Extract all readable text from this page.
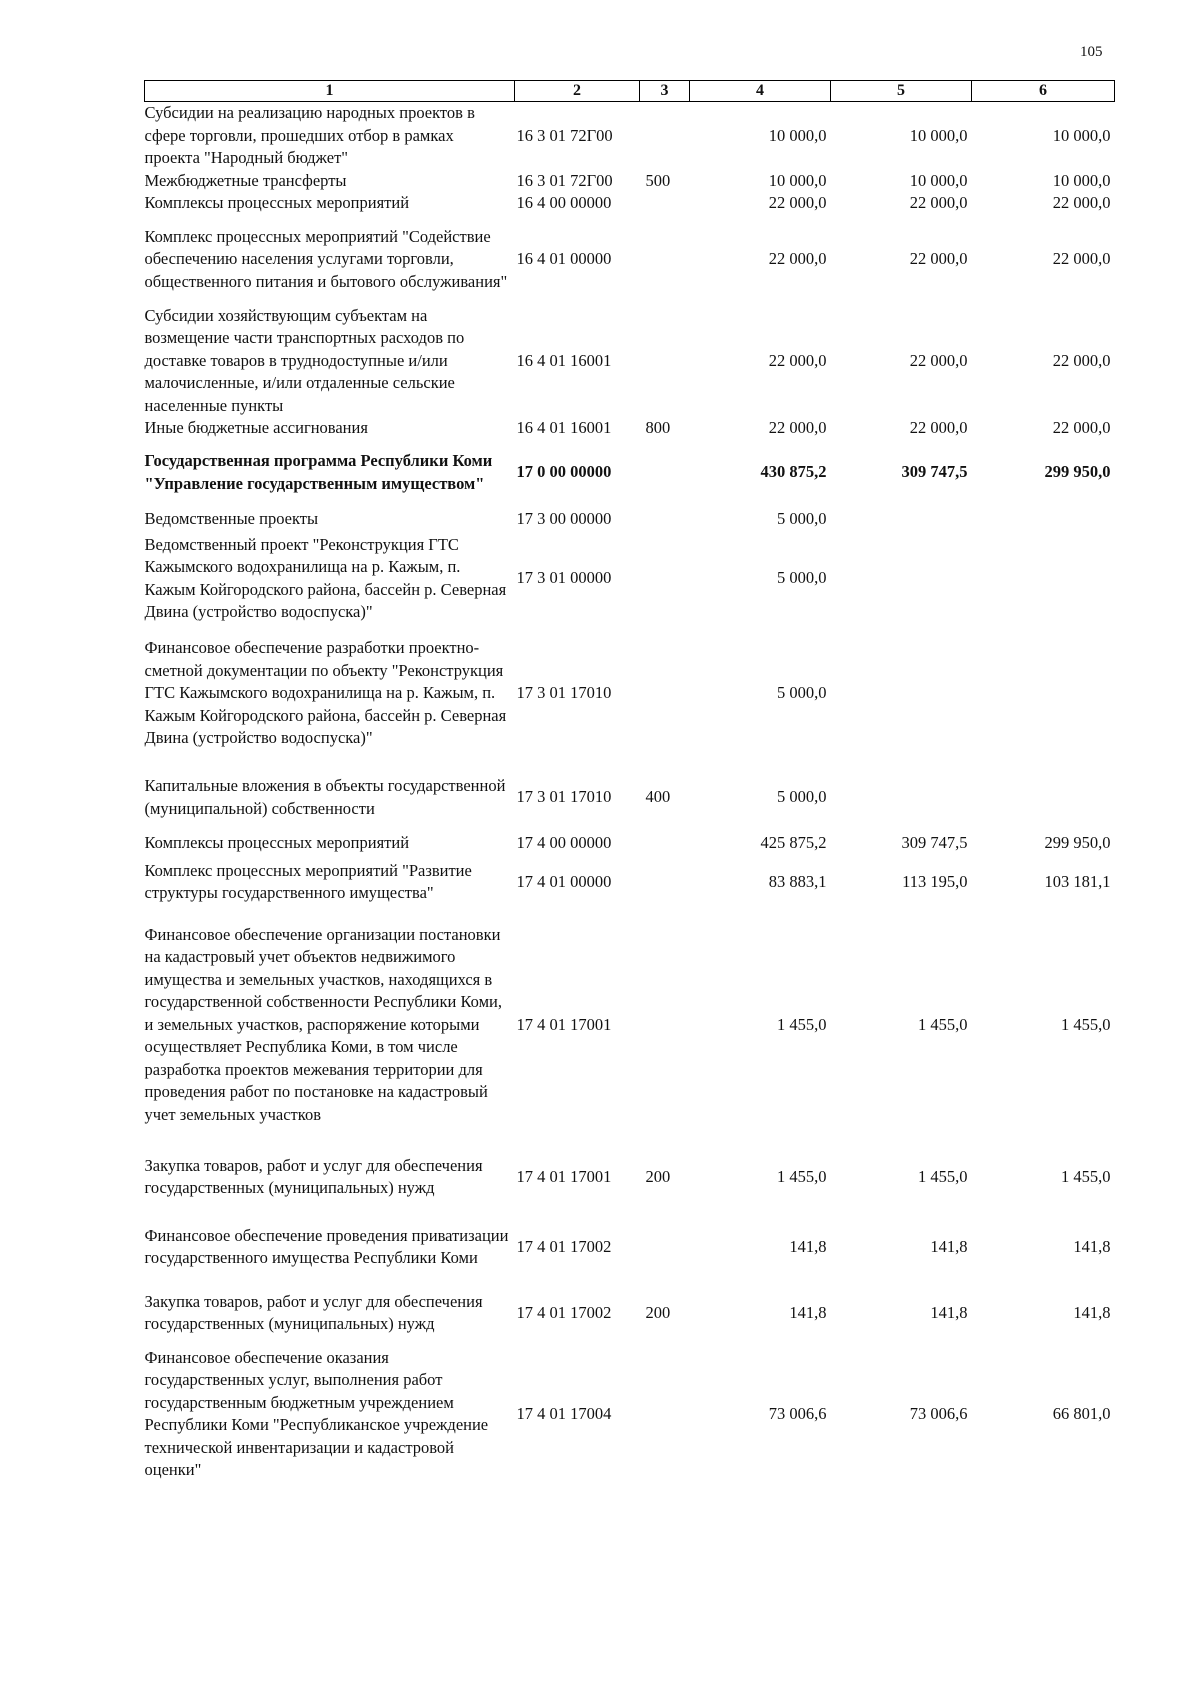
105
1	2	3	4	5	6
Субсидии на реализацию народных проектов в сфере торговли, прошедших отбор в рамках проекта "Народный бюджет"	16 3 01 72Г00		10 000,0	10 000,0	10 000,0
Межбюджетные трансферты	16 3 01 72Г00	500	10 000,0	10 000,0	10 000,0
Комплексы процессных мероприятий	16 4 00 00000		22 000,0	22 000,0	22 000,0
Комплекс процессных мероприятий "Содействие обеспечению населения услугами торговли, общественного питания и бытового обслуживания"	16 4 01 00000		22 000,0	22 000,0	22 000,0
Субсидии хозяйствующим субъектам на возмещение части транспортных расходов по доставке товаров в труднодоступные и/или малочисленные, и/или отдаленные сельские населенные пункты	16 4 01 16001		22 000,0	22 000,0	22 000,0
Иные бюджетные ассигнования	16 4 01 16001	800	22 000,0	22 000,0	22 000,0
Государственная программа Республики Коми "Управление государственным имуществом"	17 0 00 00000		430 875,2	309 747,5	299 950,0
Ведомственные проекты	17 3 00 00000		5 000,0		
Ведомственный проект "Реконструкция ГТС Кажымского водохранилища на р. Кажым, п. Кажым Койгородского района, бассейн р. Северная Двина (устройство водоспуска)"	17 3 01 00000		5 000,0		
Финансовое обеспечение разработки проектно-сметной документации по объекту "Реконструкция ГТС Кажымского водохранилища на р. Кажым, п. Кажым Койгородского района, бассейн р. Северная Двина (устройство водоспуска)"	17 3 01 17010		5 000,0		
Капитальные вложения в объекты государственной (муниципальной) собственности	17 3 01 17010	400	5 000,0		
Комплексы процессных мероприятий	17 4 00 00000		425 875,2	309 747,5	299 950,0
Комплекс процессных мероприятий "Развитие структуры государственного имущества"	17 4 01 00000		83 883,1	113 195,0	103 181,1
Финансовое обеспечение организации постановки на кадастровый учет объектов недвижимого имущества и земельных участков, находящихся в государственной собственности Республики Коми, и земельных участков, распоряжение которыми осуществляет Республика Коми, в том числе разработка проектов межевания территории для проведения работ по постановке на кадастровый учет земельных участков	17 4 01 17001		1 455,0	1 455,0	1 455,0
Закупка товаров, работ и услуг для обеспечения государственных (муниципальных) нужд	17 4 01 17001	200	1 455,0	1 455,0	1 455,0
Финансовое обеспечение проведения приватизации государственного имущества Республики Коми	17 4 01 17002		141,8	141,8	141,8
Закупка товаров, работ и услуг для обеспечения государственных (муниципальных) нужд	17 4 01 17002	200	141,8	141,8	141,8
Финансовое обеспечение оказания государственных услуг, выполнения работ государственным бюджетным учреждением Республики Коми "Республиканское учреждение технической инвентаризации и кадастровой оценки"	17 4 01 17004		73 006,6	73 006,6	66 801,0
